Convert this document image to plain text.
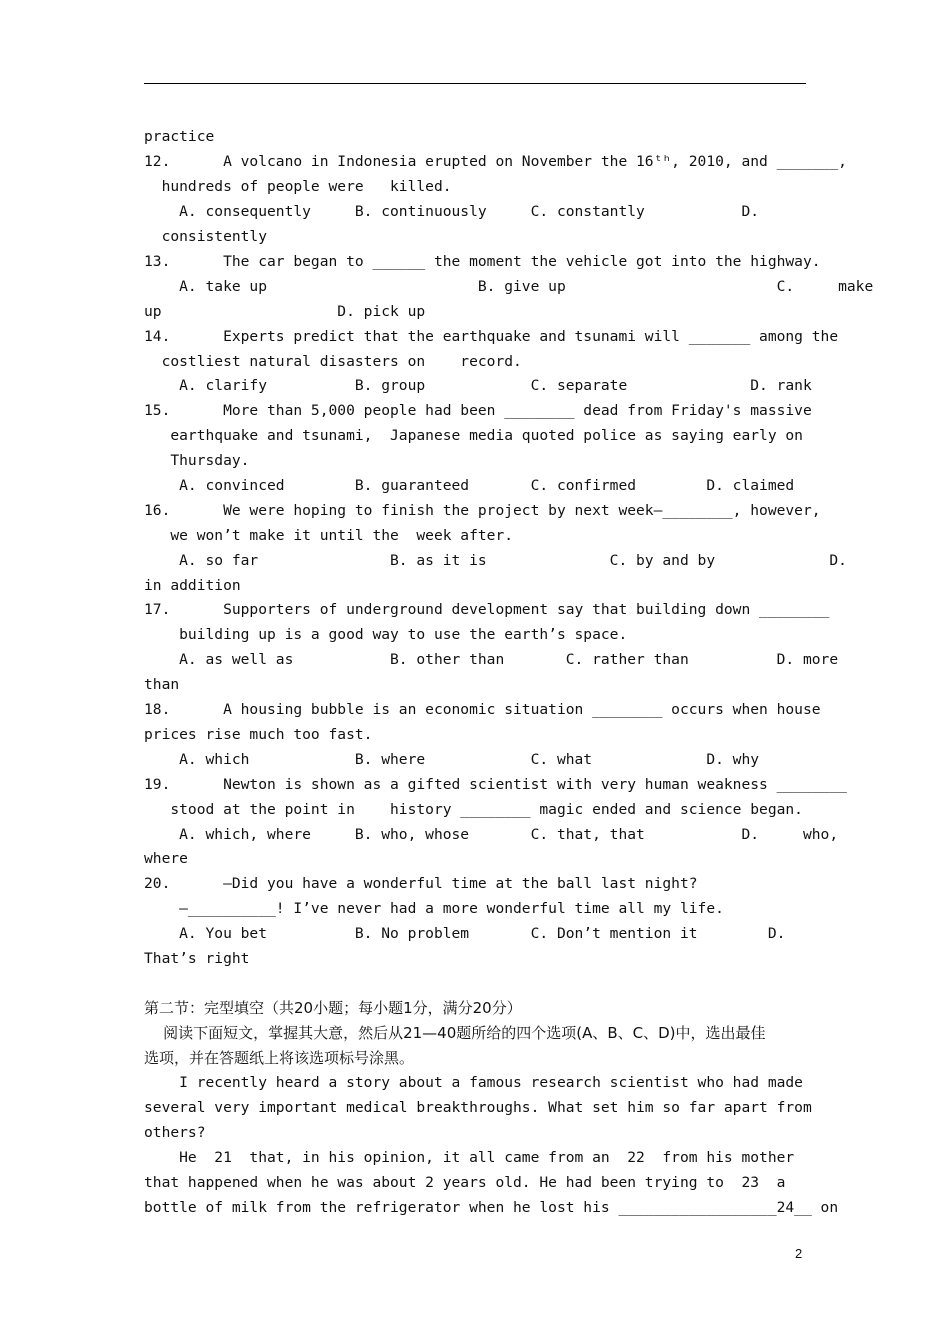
practice
12.      A volcano in Indonesia erupted on November the 16ᵗʰ, 2010, and _______,
hundreds of people were   killed.
A. consequently     B. continuously     C. constantly           D.
consistently
13.      The car began to ______ the moment the vehicle got into the highway.
A. take up                        B. give up                        C.     make
up                    D. pick up
14.      Experts predict that the earthquake and tsunami will _______ among the
costliest natural disasters on    record.
A. clarify          B. group            C. separate              D. rank
15.      More than 5,000 people had been ________ dead from Friday's massive
earthquake and tsunami,  Japanese media quoted police as saying early on
Thursday.
A. convinced        B. guaranteed       C. confirmed        D. claimed
16.      We were hoping to finish the project by next week—________, however,
we won’t make it until the  week after.
A. so far               B. as it is              C. by and by             D.
in addition
17.      Supporters of underground development say that building down ________
building up is a good way to use the earth’s space.
A. as well as           B. other than       C. rather than          D. more
than
18.      A housing bubble is an economic situation ________ occurs when house
prices rise much too fast.
A. which            B. where            C. what             D. why
19.      Newton is shown as a gifted scientist with very human weakness ________
stood at the point in    history ________ magic ended and science began.
A. which, where     B. who, whose       C. that, that           D.     who,
where
20.      —Did you have a wonderful time at the ball last night?
—__________! I’ve never had a more wonderful time all my life.
A. You bet          B. No problem       C. Don’t mention it        D.
That’s right
第二节：完型填空（共20小题；每小题1分，满分20分）
阅读下面短文，掌握其大意，然后从21—40题所给的四个选项(A、B、C、D)中，选出最佳
选项，并在答题纸上将该选项标号涂黑。
I recently heard a story about a famous research scientist who had made
several very important medical breakthroughs. What set him so far apart from
others?
He  21  that, in his opinion, it all came from an  22  from his mother
that happened when he was about 2 years old. He had been trying to  23  a
bottle of milk from the refrigerator when he lost his __________________24__ on
2
